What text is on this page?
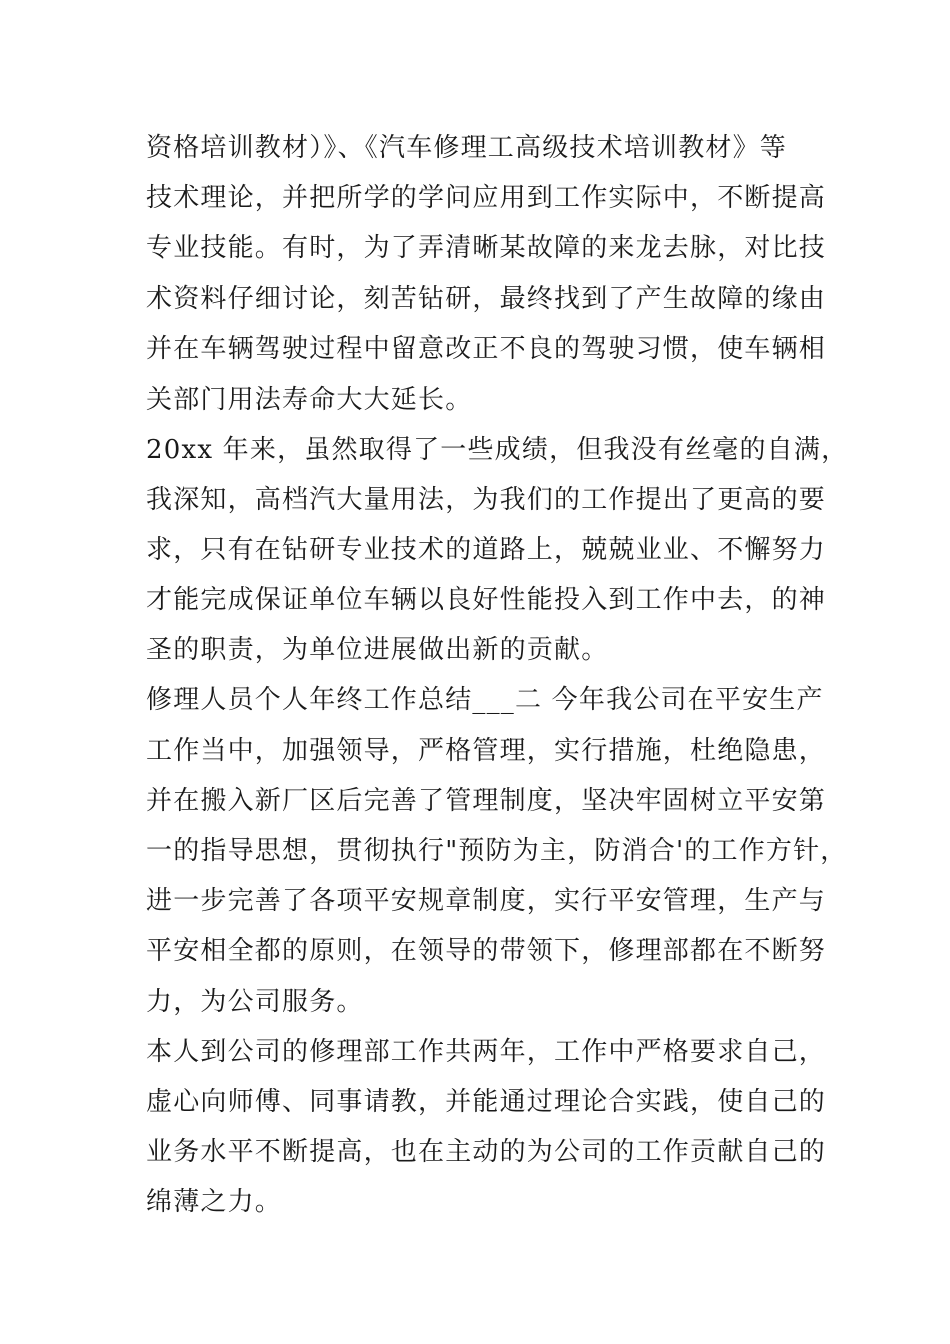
资格培训教材）》、《汽车修理工高级技术培训教材》等
技术理论，并把所学的学问应用到工作实际中，不断提高
专业技能。有时，为了弄清晰某故障的来龙去脉，对比技
术资料仔细讨论，刻苦钻研，最终找到了产生故障的缘由
并在车辆驾驶过程中留意改正不良的驾驶习惯，使车辆相
关部门用法寿命大大延长。
20xx 年来，虽然取得了一些成绩，但我没有丝毫的自满，
我深知，高档汽大量用法，为我们的工作提出了更高的要
求，只有在钻研专业技术的道路上，兢兢业业、不懈努力
才能完成保证单位车辆以良好性能投入到工作中去，的神
圣的职责，为单位进展做出新的贡献。
修理人员个人年终工作总结___二 今年我公司在平安生产
工作当中，加强领导，严格管理，实行措施，杜绝隐患，
并在搬入新厂区后完善了管理制度，坚决牢固树立平安第
一的指导思想，贯彻执行"预防为主，防消合'的工作方针，
进一步完善了各项平安规章制度，实行平安管理，生产与
平安相全都的原则，在领导的带领下，修理部都在不断努
力，为公司服务。
本人到公司的修理部工作共两年，工作中严格要求自己，
虚心向师傅、同事请教，并能通过理论合实践，使自己的
业务水平不断提高，也在主动的为公司的工作贡献自己的
绵薄之力。
